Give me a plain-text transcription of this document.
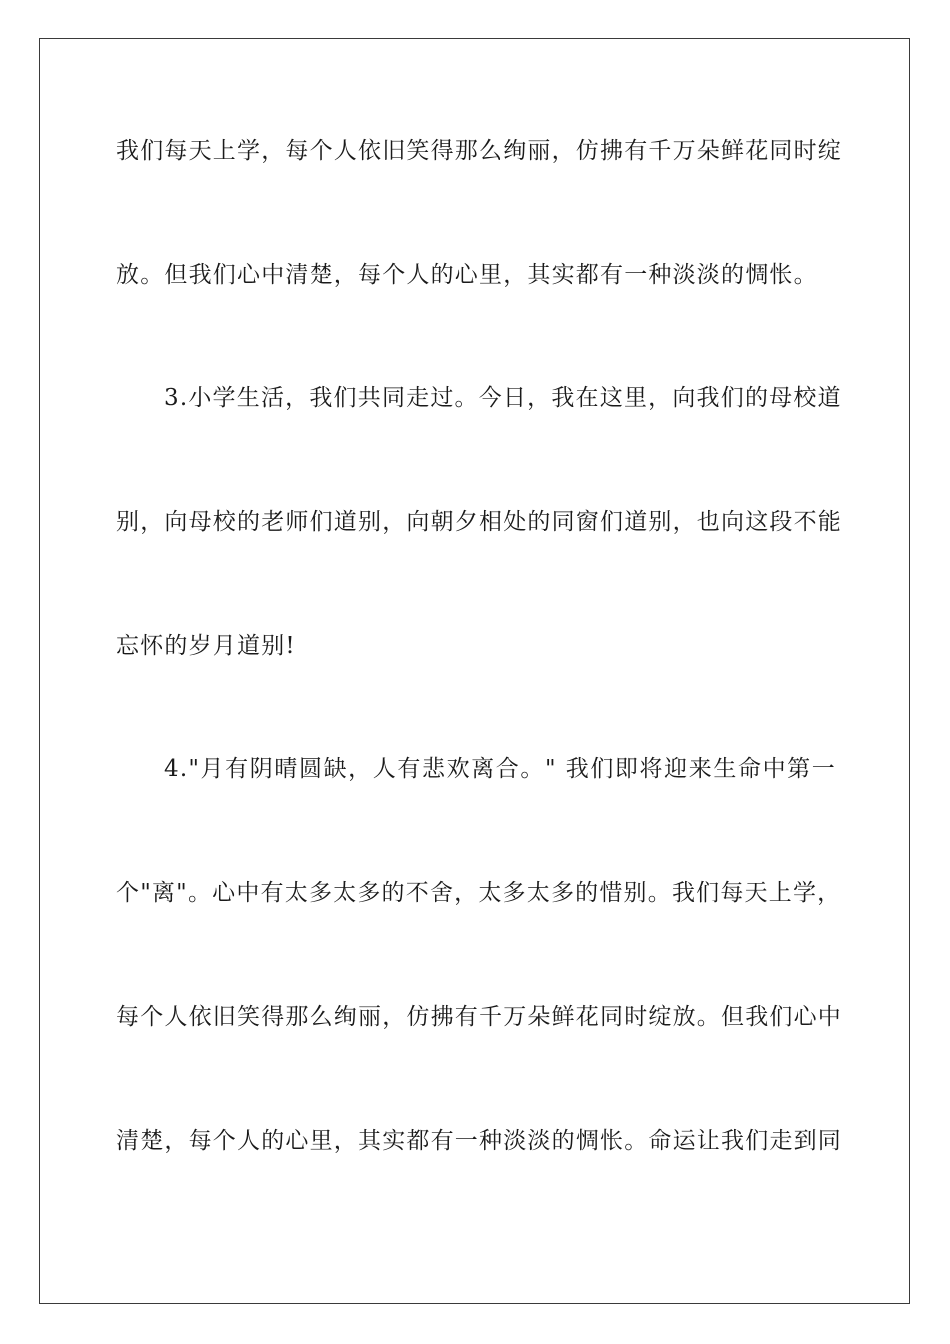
我们每天上学，每个人依旧笑得那么绚丽，仿拂有千万朵鲜花同时绽
放。但我们心中清楚，每个人的心里，其实都有一种淡淡的惆怅。
3.小学生活，我们共同走过。今日，我在这里，向我们的母校道
别，向母校的老师们道别，向朝夕相处的同窗们道别，也向这段不能
忘怀的岁月道别!
4."月有阴晴圆缺，人有悲欢离合。" 我们即将迎来生命中第一
个"离"。心中有太多太多的不舍，太多太多的惜别。我们每天上学，
每个人依旧笑得那么绚丽，仿拂有千万朵鲜花同时绽放。但我们心中
清楚，每个人的心里，其实都有一种淡淡的惆怅。命运让我们走到同
